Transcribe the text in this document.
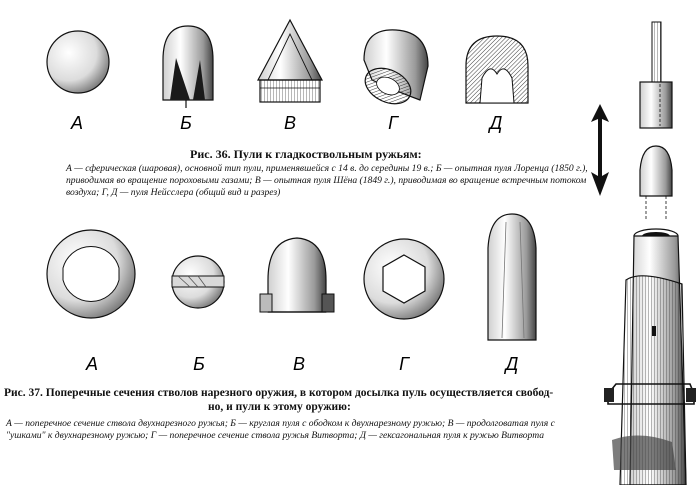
А	Б	В	Г	Д
А	Б	В	Г	Д
Рис. 36. Пули к гладкоствольным ружьям:
А — сферическая (шаровая), основной тип пули, применявшейся с 14 в. до середины 19 в.; Б — опытная пуля Лоренца (1850 г.), приводимая во вращение пороховыми газами; В — опытная пуля Шёна (1849 г.), приводимая во вращение встречным потоком воздуха; Г, Д — пуля Нейсслера (общий вид и разрез)
Рис. 37. Поперечные сечения стволов нарезного оружия, в котором досылка пуль осуществляется свобод-
но, и пули к этому оружию:
А — поперечное сечение ствола двухнарезного ружья; Б — круглая пуля с ободком к двухнарезному ружью; В — продолговатая пуля с "ушками" к двухнарезному ружью; Г — поперечное сечение ствола ружья Витворта; Д — гексагональная пуля к ружью Витворта
